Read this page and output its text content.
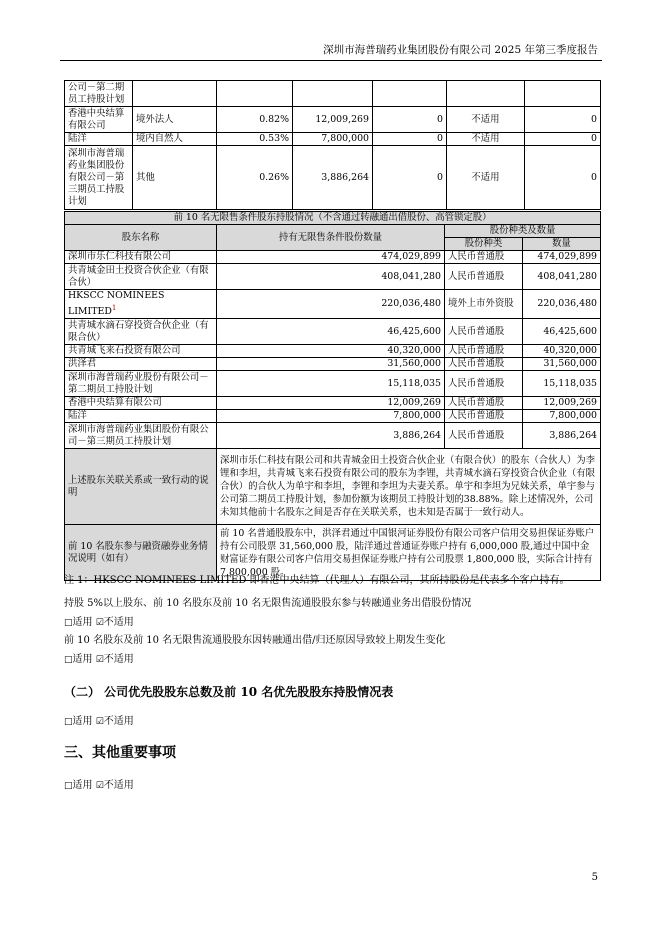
深圳市海普瑞药业集团股份有限公司 2025 年第三季度报告
公司－第二期员工持股计划						
香港中央结算有限公司	境外法人	0.82%	12,009,269	0	不适用	0
陆洋	境内自然人	0.53%	7,800,000	0	不适用	0
深圳市海普瑞药业集团股份有限公司－第三期员工持股计划	其他	0.26%	3,886,264	0	不适用	0
前 10 名无限售条件股东持股情况（不含通过转融通出借股份、高管锁定股）			
股东名称	持有无限售条件股份数量	股份种类及数量	
		股份种类	数量
深圳市乐仁科技有限公司	474,029,899	人民币普通股	474,029,899
共青城金田土投资合伙企业（有限合伙）	408,041,280	人民币普通股	408,041,280
HKSCC NOMINEES LIMITED$^1$	220,036,480	境外上市外资股	220,036,480
共青城水滴石穿投资合伙企业（有限合伙）	46,425,600	人民币普通股	46,425,600
共青城飞来石投资有限公司	40,320,000	人民币普通股	40,320,000
洪泽君	31,560,000	人民币普通股	31,560,000
深圳市海普瑞药业股份有限公司－第二期员工持股计划	15,118,035	人民币普通股	15,118,035
香港中央结算有限公司	12,009,269	人民币普通股	12,009,269
陆洋	7,800,000	人民币普通股	7,800,000
深圳市海普瑞药业集团股份有限公司－第三期员工持股计划	3,886,264	人民币普通股	3,886,264
上述股东关联关系或一致行动的说明	深圳市乐仁科技有限公司和共青城金田土投资合伙企业（有限合伙）的股东（合伙人）为李锂和李坦，共青城飞来石投资有限公司的股东为李锂，共青城水滴石穿投资合伙企业（有限合伙）的合伙人为单宇和李坦，李锂和李坦为夫妻关系。单宇和李坦为兄妹关系，单宇参与公司第二期员工持股计划，参加份额为该期员工持股计划的38.88%。除上述情况外，公司未知其他前十名股东之间是否存在关联关系，也未知是否属于一致行动人。		
前 10 名股东参与融资融券业务情况说明（如有）	前 10 名普通股股东中，洪泽君通过中国银河证券股份有限公司客户信用交易担保证券账户持有公司股票 31,560,000 股，陆洋通过普通证券账户持有 6,000,000 股,通过中国中金财富证券有限公司客户信用交易担保证券账户持有公司股票 1,800,000 股，实际合计持有 7,800,000 股。		
注 1：HKSCC NOMINEES LIMITED 即香港中央结算（代理人）有限公司，其所持股份是代表多个客户持有。
持股 5%以上股东、前 10 名股东及前 10 名无限售流通股股东参与转融通业务出借股份情况
□适用 ☑不适用
前 10 名股东及前 10 名无限售流通股股东因转融通出借/归还原因导致较上期发生变化
□适用 ☑不适用
（二） 公司优先股股东总数及前 10 名优先股股东持股情况表
□适用 ☑不适用
三、其他重要事项
□适用 ☑不适用
5
